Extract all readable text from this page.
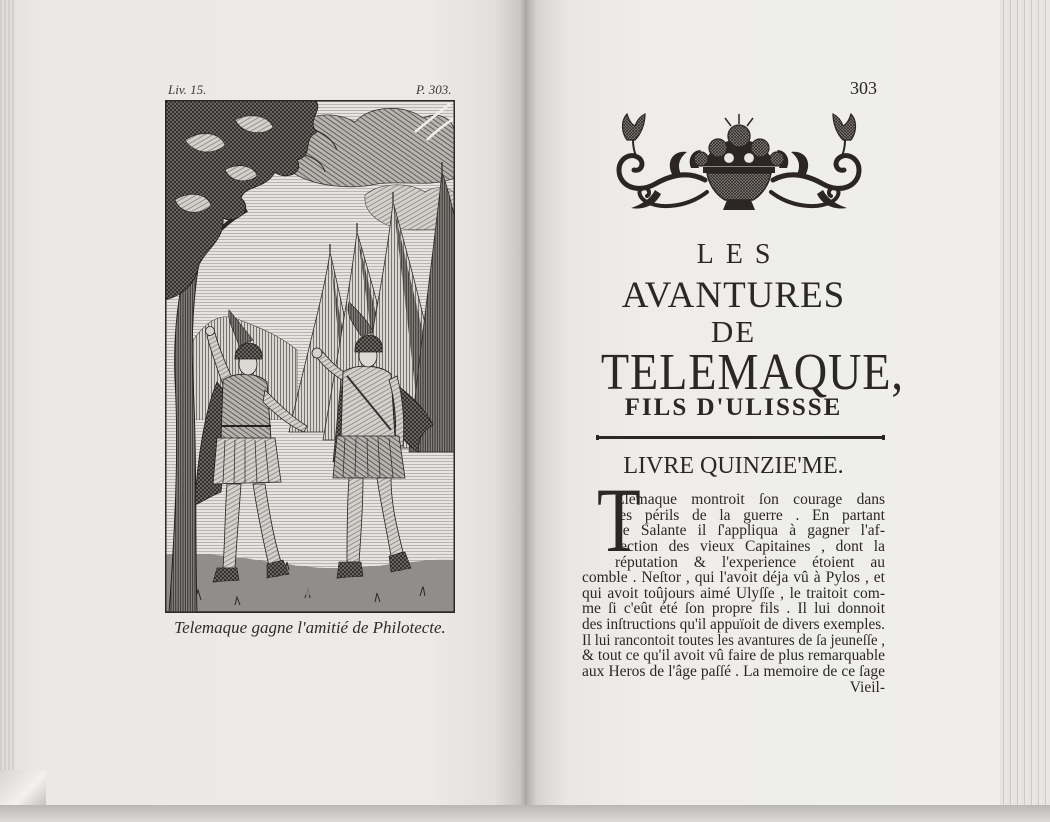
Liv. 15.	P. 303.
Telemaque gagne l'amitié de Philotecte.
303
LES
AVANTURES
DE
TELEMAQUE,
FILS D'ULISSSE
LIVRE QUINZIE'ME.
T
Elemaque montroit ſon courage dans
les périls de la guerre . En partant
de Salante il ſ'appliqua à gagner l'af-
fection des vieux Capitaines , dont la
réputation & l'experience étoient au
comble . Neſtor , qui l'avoit déja vû à Pylos , et
qui avoit toûjours aimé Ulyſſe , le traitoit com-
me ſi c'eût été ſon propre fils . Il lui donnoit
des inſtructions qu'il appuïoit de divers exemples.
Il lui rancontoit toutes les avantures de ſa jeuneſſe ,
& tout ce qu'il avoit vû faire de plus remarquable
aux Heros de l'âge paſſé . La memoire de ce ſage
Vieil-
